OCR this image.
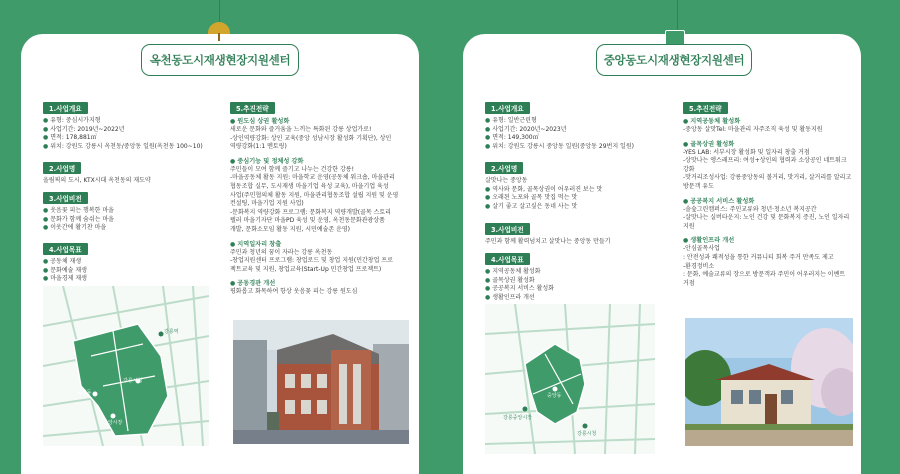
1.사업개요
● 유형: 중심시가지형
● 사업기간: 2019년~2022년
● 면적: 178,881㎡
● 위치: 강원도 강릉시 옥천동/중앙동 일원(옥천동 100~10)
2.사업명
올림픽의 도시, KTX시대 옥천동의 재도약
3.사업비전
● 웃음꽃 피는 행복한 마을
● 문화가 함께 숨쉬는 마을
● 이웃간에 활기찬 마을
4.사업목표
● 공동체 재생
● 문화예술 재생
● 마을경제 재생
강릉역
옥천동
강릉시청
중앙시장
5.추진전략
● 원도심 상권 활성화
새로운 문화와 즐거움을 느끼는 특화된 강릉 상업가로!
-상인역량강화: 상인 교육(중앙 성남시장 활성화 기획단), 상인
역량강화(1:1 멘토링)
● 중심기능 및 정체성 강화
주민들이 모여 함께 즐기고 나누는 건강한 강릉!
-마을공동체 활동 지원: 마을학교 운영(공동체 워크숍, 마을관리
협동조합 실무, 도시재생 마을기업 육성 교육), 마을기업 육성
사업(주민협의체 활동 지원, 마을관리협동조합 설립 지원 및 운영
컨설팅, 마을기업 지원 사업)
-문화복지 역량강화 프로그램: 문화복지 역량개발(골목 스토리
텔러 마을기자단 마을PD 육성 및 운영, 옥천동문화관광상품
개발, 문화소모임 활동 지원, 시민예술존 운영)
● 지역일자리 창출
주민과 청년의 꿈이 자라는 강릉 옥천동
-창업지원센터 프로그램: 창업로드 및 창업 지원(민간창업 프로
젝트교육 및 지원, 창업교육(Start-Up 민간창업 프로젝트)
● 공동경관 개선
평화롭고 화목하여 항상 웃음꽃 피는 강릉 원도심
1.사업개요
● 유형: 일반근린형
● 사업기간: 2020년~2023년
● 면적: 149,300㎡
● 위치: 강원도 강릉시 중앙동 일원(중앙동 29번지 일원)
2.사업명
살맛나는 중앙동
● 역사와 문화, 골목상권이 어우러진 보는 맛
● 오래된 노포와 골목 맛집 먹는 맛
● 살기 좋고 살고싶은 동네 사는 맛
3.사업비전
주민과 함께 활력넘치고 살맛나는 중앙동 만들기
4.사업목표
● 지역공동체 활성화
● 골목상권 활성화
● 공공복지 서비스 활성화
● 생활인프라 개선
강릉중앙시장
중앙동
강릉시청
5.추진전략
● 지역공동체 활성화
-중앙동 살맛Tel: 마을관리 자주조직 육성 및 활동지원
● 골목상권 활성화
-YES LAB: 서부시장 활성화 및 일자리 창출 거점
-상맛나는 앵스레프리: 여성+상인의 협력과 소상공인 네트워크
강화
-맛거리조성사업: 강릉중앙동의 볼거리, 맛거리, 살거리를 알리고
방문객 유도
● 공공복지 서비스 활성화
-솔숲그린캠퍼스: 주민교류와 청년·청소년 복지공간
-살맛나는 실버타운지: 노인 건강 및 문화복지 증진, 노인 일자리
지원
● 생활인프라 개선
-안심골목사업
: 안전성과 쾌적성을 통한 커뮤니티 회복 주거 만족도 제고
-환경정비소
: 문화, 예술교류의 장으로 방문객과 주민이 어우러지는 이벤트
거점
옥천동도시재생현장지원센터	중앙동도시재생현장지원센터
